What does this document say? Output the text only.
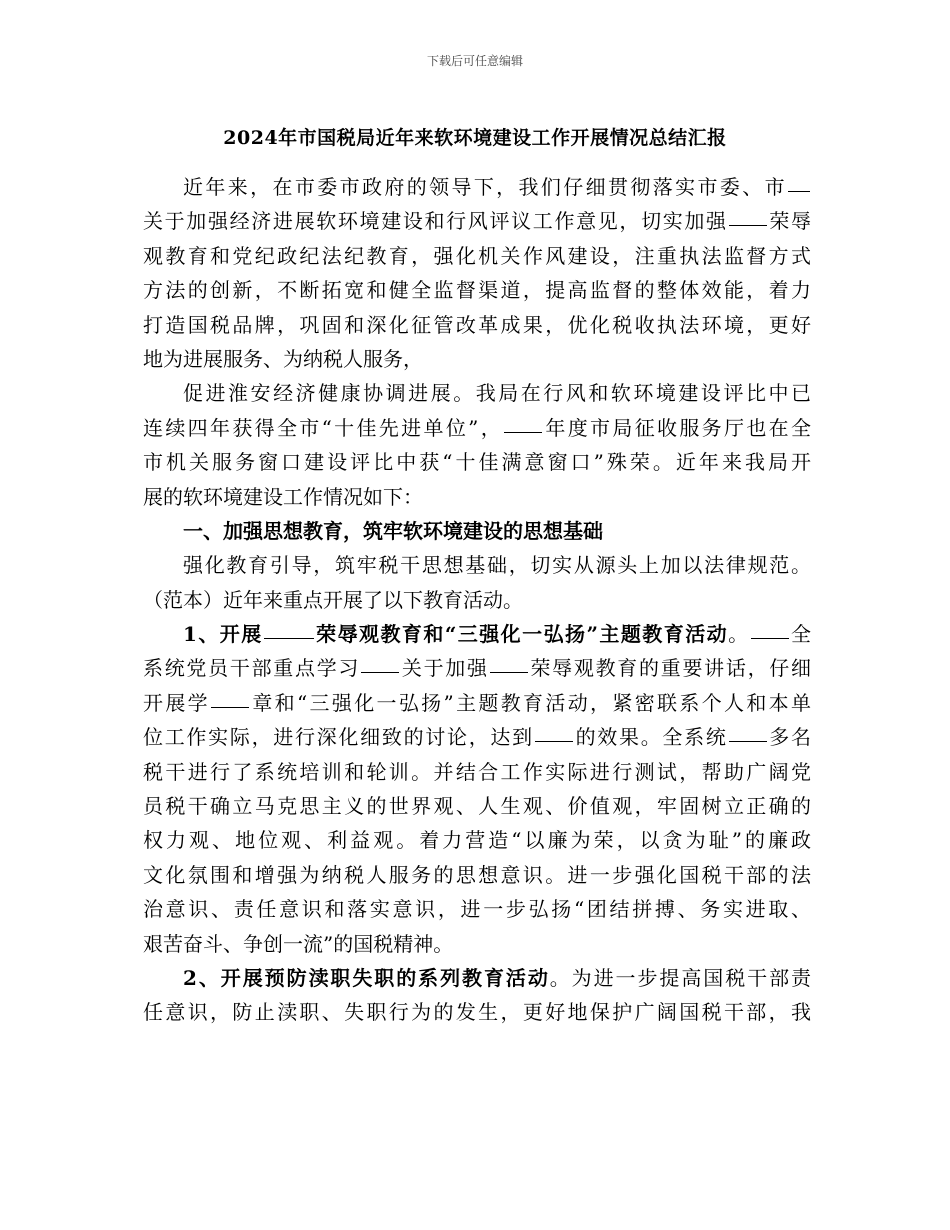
下载后可任意编辑
2024年市国税局近年来软环境建设工作开展情况总结汇报
近年来，在市委市政府的领导下，我们仔细贯彻落实市委、市
关于加强经济进展软环境建设和行风评议工作意见，切实加强 荣辱
观教育和党纪政纪法纪教育，强化机关作风建设，注重执法监督方式
方法的创新，不断拓宽和健全监督渠道，提高监督的整体效能，着力
打造国税品牌，巩固和深化征管改革成果，优化税收执法环境，更好
地为进展服务、为纳税人服务，
促进淮安经济健康协调进展。我局在行风和软环境建设评比中已
连续四年获得全市“十佳先进单位”， 年度市局征收服务厅也在全
市机关服务窗口建设评比中获“十佳满意窗口”殊荣。近年来我局开
展的软环境建设工作情况如下：
一、加强思想教育，筑牢软环境建设的思想基础
强化教育引导，筑牢税干思想基础，切实从源头上加以法律规范。
（范本）近年来重点开展了以下教育活动。
1、开展	荣辱观教育和“三强化一弘扬”主题教育活动。 全
系统党员干部重点学习 关于加强 荣辱观教育的重要讲话，仔细
开展学 章和“三强化一弘扬”主题教育活动，紧密联系个人和本单
位工作实际，进行深化细致的讨论，达到 的效果。全系统 多名
税干进行了系统培训和轮训。并结合工作实际进行测试，帮助广阔党
员税干确立马克思主义的世界观、人生观、价值观，牢固树立正确的
权力观、地位观、利益观。着力营造“以廉为荣，以贪为耻”的廉政
文化氛围和增强为纳税人服务的思想意识。进一步强化国税干部的法
治意识、责任意识和落实意识，进一步弘扬“团结拼搏、务实进取、
艰苦奋斗、争创一流”的国税精神。
2、开展预防渎职失职的系列教育活动。为进一步提高国税干部责
任意识，防止渎职、失职行为的发生，更好地保护广阔国税干部，我
